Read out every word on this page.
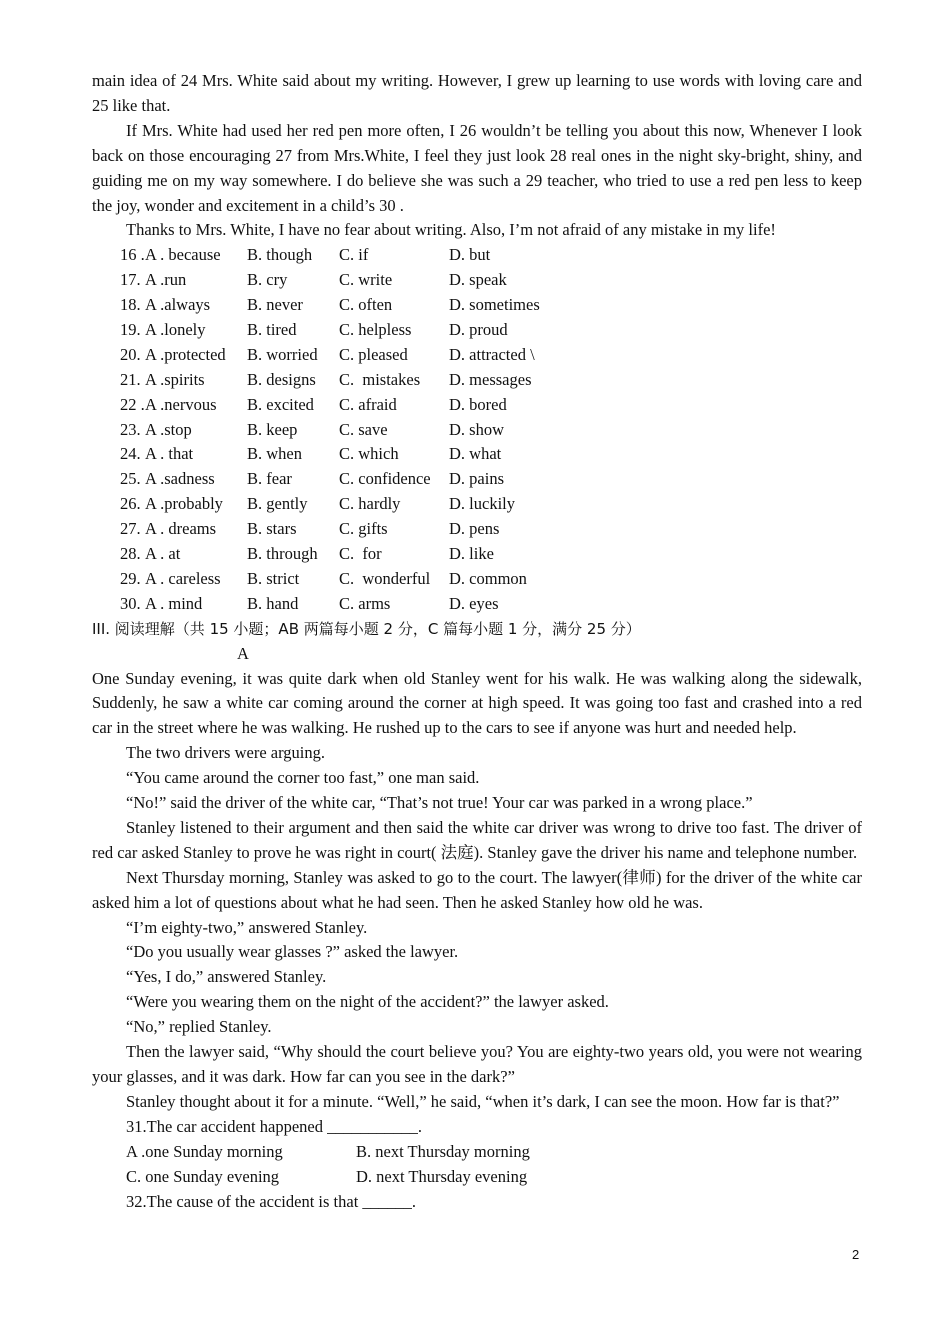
main idea of 24 Mrs. White said about my writing. However, I grew up learning to use words with loving care and 25 like that.

If Mrs. White had used her red pen more often, I 26 wouldn’t be telling you about this now, Whenever I look back on those encouraging 27 from Mrs.White, I feel they just look 28 real ones in the night sky-bright, shiny, and guiding me on my way somewhere. I do believe she was such a 29 teacher, who tried to use a red pen less to keep the joy, wonder and excitement in a child’s 30 .

Thanks to Mrs. White, I have no fear about writing. Also, I’m not afraid of any mistake in my life!

16 . A . because B. though C. if	D. but
17. A .run	B. cry	C. write	D. speak
18. A .always B. never C. often	D. sometimes
19. A .lonely	B. tired	C. helpless D. proud
20. A .protected B. worried C. pleased	D. attracted \
21. A .spirits	B. designs C.  mistakes D. messages
22 . A .nervous B. excited C. afraid	D. bored
23. A .stop	B. keep	C. save	D. show
24. A . that	B. when C. which	D. what
25. A .sadness B. fear	C. confidence D. pains
26. A .probably B. gently C. hardly	D. luckily
27. A . dreams B. stars	C. gifts	D. pens
28. A . at	B. through C.  for	D. like
29. A . careless B. strict C.  wonderful D. common
30. A . mind	B. hand C. arms	D. eyes

III. 阅读理解（共 15 小题；AB 两篇每小题 2 分，C 篇每小题 1 分，满分 25 分）

A

One Sunday evening, it was quite dark when old Stanley went for his walk. He was walking along the sidewalk, Suddenly, he saw a white car coming around the corner at high speed. It was going too fast and crashed into a red car in the street where he was walking. He rushed up to the cars to see if anyone was hurt and needed help.

The two drivers were arguing.

“You came around the corner too fast,” one man said.

“No!” said the driver of the white car, “That’s not true! Your car was parked in a wrong place.”

Stanley listened to their argument and then said the white car driver was wrong to drive too fast. The driver of red car asked Stanley to prove he was right in court( 法庭). Stanley gave the driver his name and telephone number.

Next Thursday morning, Stanley was asked to go to the court. The lawyer(律师) for the driver of the white car asked him a lot of questions about what he had seen. Then he asked Stanley how old he was.

“I’m eighty-two,” answered Stanley.

“Do you usually wear glasses ?” asked the lawyer.

“Yes, I do,” answered Stanley.

“Were you wearing them on the night of the accident?” the lawyer asked.

“No,” replied Stanley.

Then the lawyer said, “Why should the court believe you? You are eighty-two years old, you were not wearing your glasses, and it was dark. How far can you see in the dark?”

Stanley thought about it for a minute. “Well,” he said, “when it’s dark, I can see the moon. How far is that?”

31.The car accident happened ___________.

A .one Sunday morning	B. next Thursday morning
C. one Sunday evening	D. next Thursday evening

32.The cause of the accident is that ______.

2
